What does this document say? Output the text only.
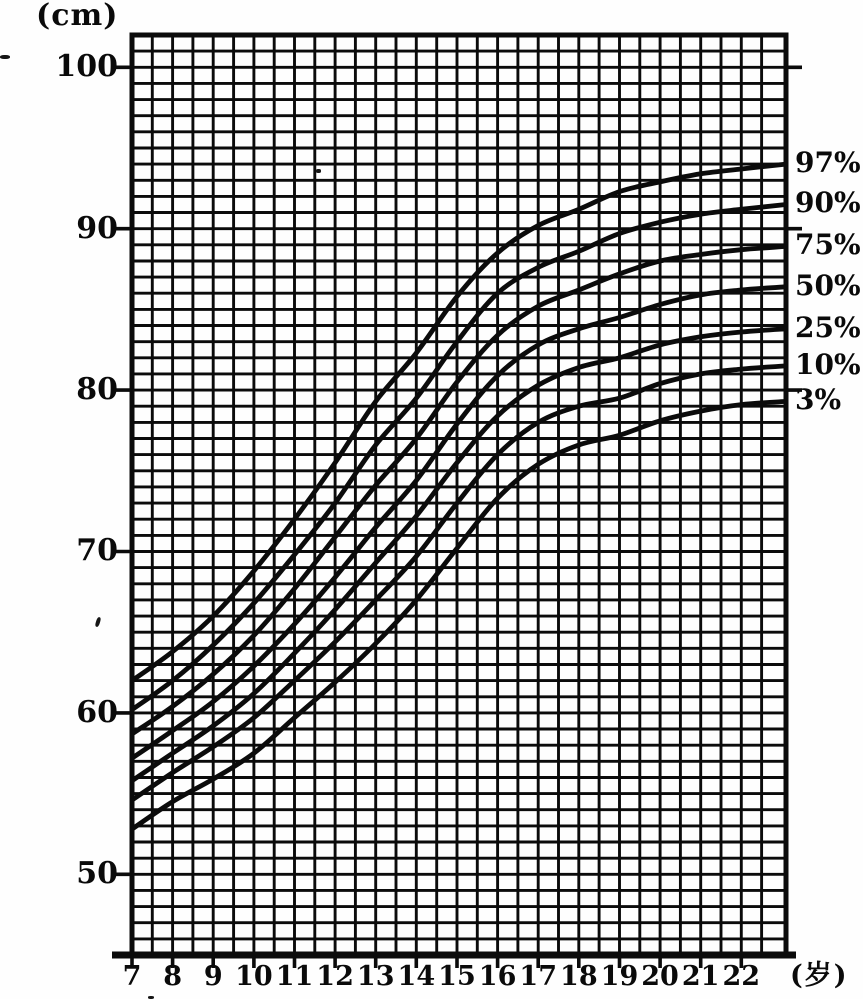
(cm)
(岁)
100
90
80
70
60
50
7 8 9 10 11 12 13 14 15 16 17 18 19 20 21 22
97%
90%
75%
50%
25%
10%
3%
